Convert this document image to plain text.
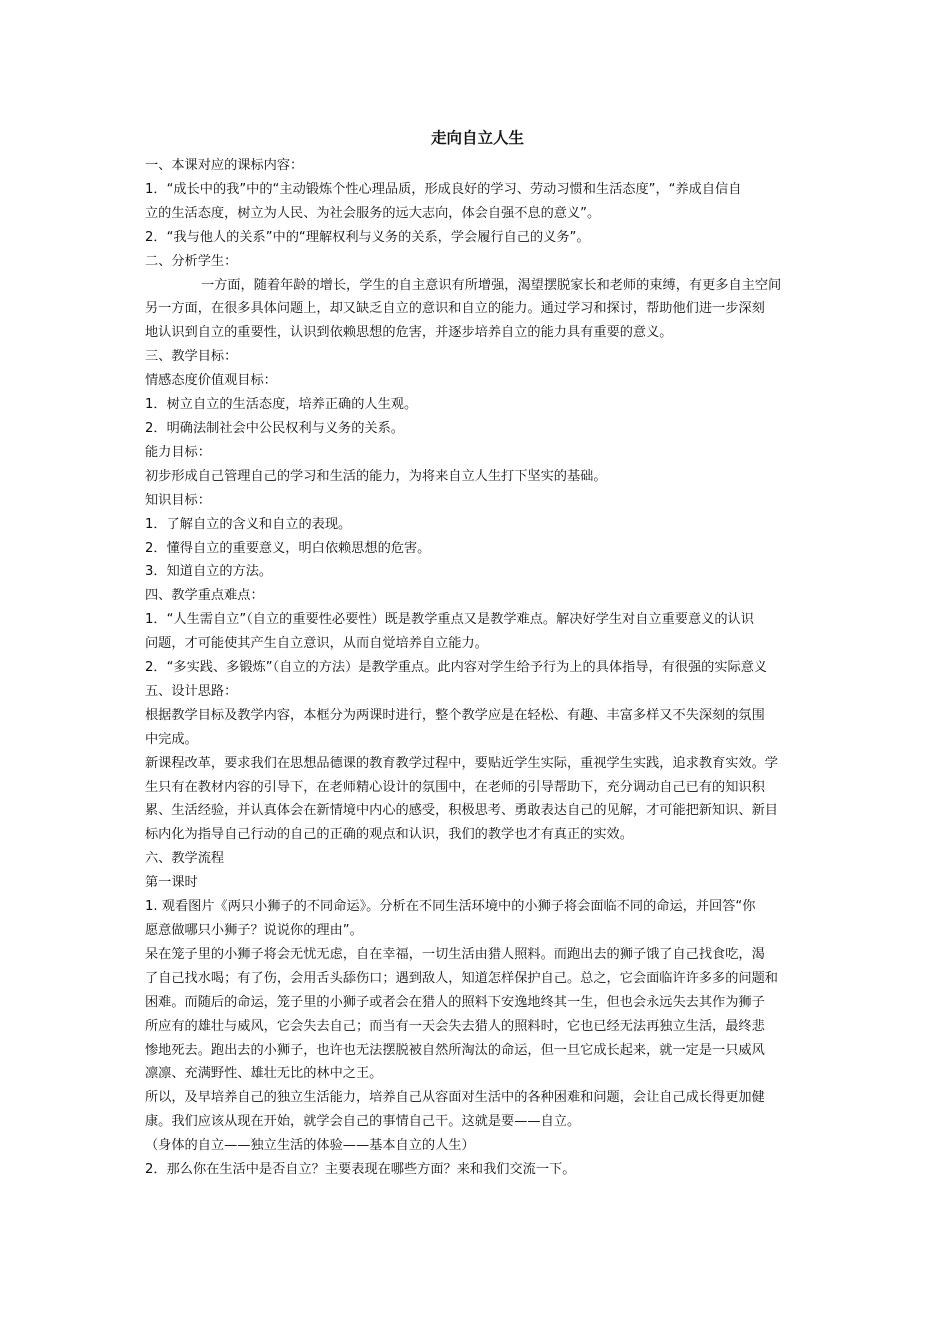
走向自立人生
一、本课对应的课标内容：
1．“成长中的我”中的“主动锻炼个性心理品质，形成良好的学习、劳动习惯和生活态度”，“养成自信自
立的生活态度，树立为人民、为社会服务的远大志向，体会自强不息的意义”。
2．“我与他人的关系”中的“理解权利与义务的关系，学会履行自己的义务”。
二、分析学生：
一方面，随着年龄的增长，学生的自主意识有所增强，渴望摆脱家长和老师的束缚，有更多自主空间
另一方面，在很多具体问题上，却又缺乏自立的意识和自立的能力。通过学习和探讨，帮助他们进一步深刻
地认识到自立的重要性，认识到依赖思想的危害，并逐步培养自立的能力具有重要的意义。
三、教学目标：
情感态度价值观目标：
1．树立自立的生活态度，培养正确的人生观。
2．明确法制社会中公民权利与义务的关系。
能力目标：
初步形成自己管理自己的学习和生活的能力，为将来自立人生打下坚实的基础。
知识目标：
1．了解自立的含义和自立的表现。
2．懂得自立的重要意义，明白依赖思想的危害。
3．知道自立的方法。
四、教学重点难点：
1．“人生需自立”（自立的重要性必要性）既是教学重点又是教学难点。解决好学生对自立重要意义的认识
问题，才可能使其产生自立意识，从而自觉培养自立能力。
2．“多实践、多锻炼”（自立的方法）是教学重点。此内容对学生给予行为上的具体指导，有很强的实际意义
五、设计思路：
根据教学目标及教学内容，本框分为两课时进行，整个教学应是在轻松、有趣、丰富多样又不失深刻的氛围
中完成。
新课程改革，要求我们在思想品德课的教育教学过程中，要贴近学生实际，重视学生实践，追求教育实效。学
生只有在教材内容的引导下，在老师精心设计的氛围中，在老师的引导帮助下，充分调动自己已有的知识积
累、生活经验，并认真体会在新情境中内心的感受，积极思考、勇敢表达自己的见解，才可能把新知识、新目
标内化为指导自己行动的自己的正确的观点和认识，我们的教学也才有真正的实效。
六、教学流程
第一课时
1. 观看图片《两只小狮子的不同命运》。分析在不同生活环境中的小狮子将会面临不同的命运，并回答“你
愿意做哪只小狮子？说说你的理由”。
呆在笼子里的小狮子将会无忧无虑，自在幸福，一切生活由猎人照料。而跑出去的狮子饿了自己找食吃，渴
了自己找水喝；有了伤，会用舌头舔伤口；遇到敌人，知道怎样保护自己。总之，它会面临许许多多的问题和
困难。而随后的命运，笼子里的小狮子或者会在猎人的照料下安逸地终其一生，但也会永远失去其作为狮子
所应有的雄壮与威风，它会失去自己；而当有一天会失去猎人的照料时，它也已经无法再独立生活，最终悲
惨地死去。跑出去的小狮子，也许也无法摆脱被自然所淘汰的命运，但一旦它成长起来，就一定是一只威风
凛凛、充满野性、雄壮无比的林中之王。
所以，及早培养自己的独立生活能力，培养自己从容面对生活中的各种困难和问题，会让自己成长得更加健
康。我们应该从现在开始，就学会自己的事情自己干。这就是要——自立。
（身体的自立——独立生活的体验——基本自立的人生）
2．那么你在生活中是否自立？主要表现在哪些方面？来和我们交流一下。
